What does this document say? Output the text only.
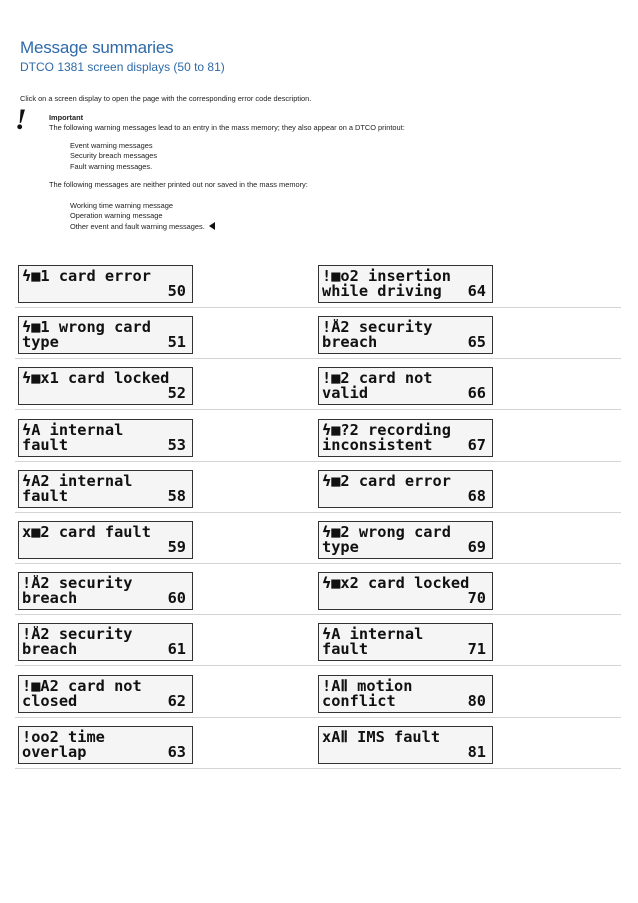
Message summaries
DTCO 1381 screen displays (50 to 81)
Click on a screen display to open the page with the corresponding error code description.
!	Important
The following warning messages lead to an entry in the mass memory; they also appear on a DTCO printout:
Event warning messages
Security breach messages
Fault warning messages.
The following messages are neither printed out nor saved in the mass memory:
Working time warning message
Operation warning message
Other event and fault warning messages.
ϟ■1 card error
50
ϟ■1 wrong card
type	51
ϟ■x1 card locked
52
ϟA internal
fault	53
ϟA2 internal
fault	58
x■2 card fault
59
!Å2 security
breach	60
!Å2 security
breach	61
!■A2 card not
closed	62
!oo2 time
overlap	63
!■o2 insertion
while driving	64
!Å2 security
breach	65
!■2 card not
valid	66
ϟ■?2 recording
inconsistent	67
ϟ■2 card error
68
ϟ■2 wrong card
type	69
ϟ■x2 card locked
70
ϟA internal
fault	71
!AⅡ motion
conflict	80
xAⅡ IMS fault
81
